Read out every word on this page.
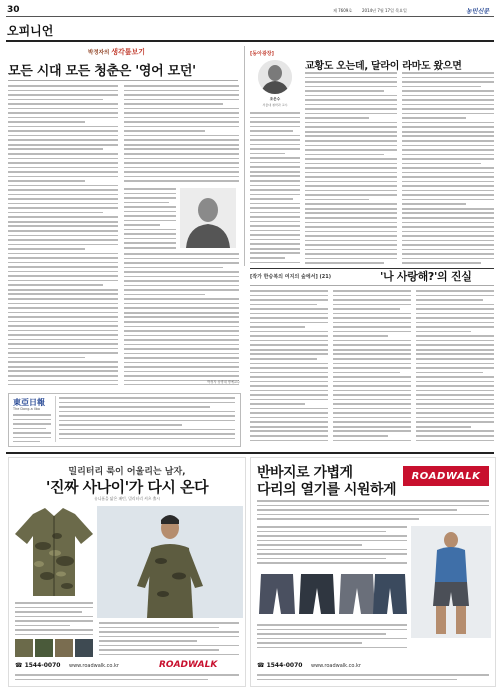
30	제 7609호 2014년 7월 17일 목요일	농민신문
오피니언
박정자의 생각톺보기
모든 시대 모든 청춘은 '영어 모던'
박정자 상명대 명예교수
東亞日報
The Dong-a Ilbo
[동아광장]
교황도 오는데, 달라이 라마도 왔으면
조은수
서울대 철학과 교수
[작가 한승복의 여지의 숲에서] (21)	'나 사랑해?'의 진실
밀리터리 룩이 어울리는 남자,
'진짜 사나이'가 다시 온다
유니폼을 닮은 패턴, 밀리터리 셔츠 출시
☎ 1544-0070 www.roadwalk.co.kr	ROADWALK
반바지로 가볍게
다리의 열기를 시원하게
ROADWALK
☎ 1544-0070 www.roadwalk.co.kr
